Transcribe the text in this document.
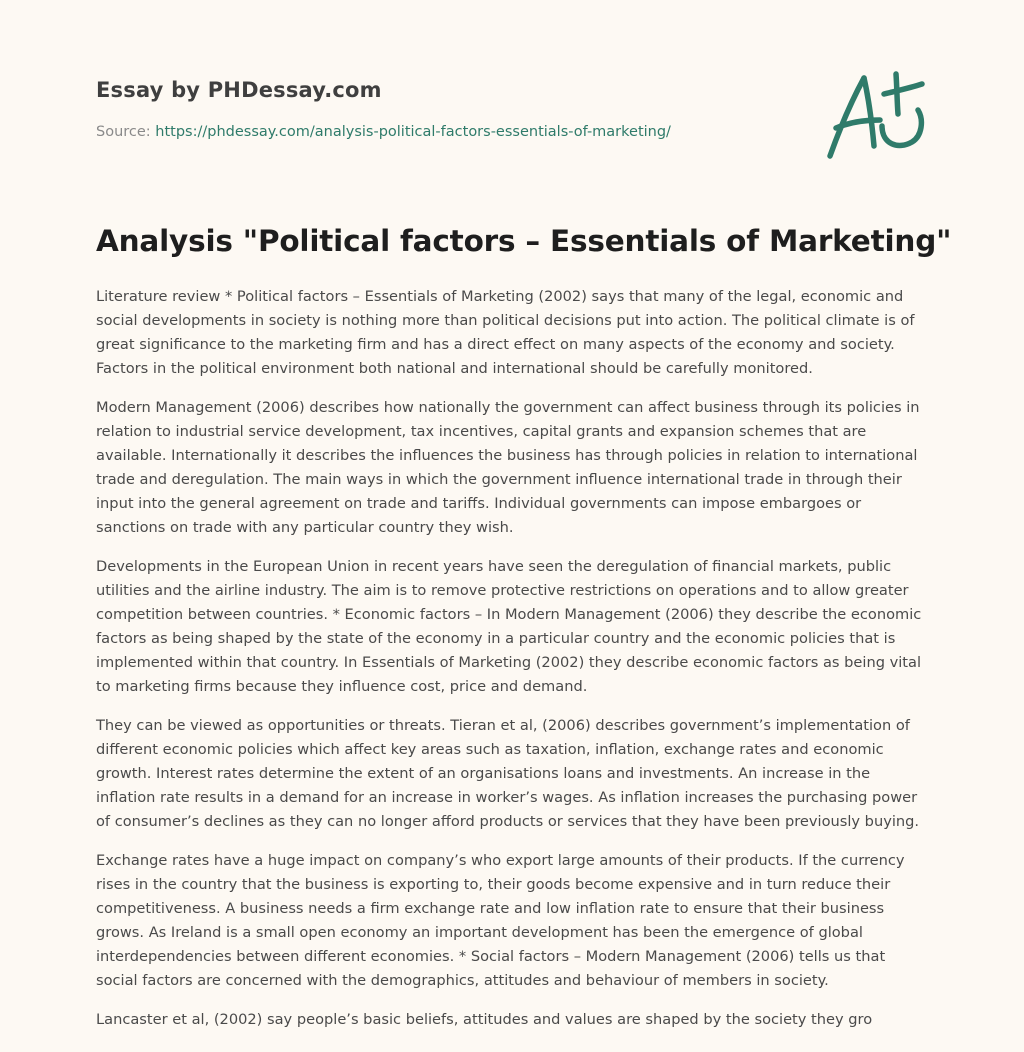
Essay by PHDessay.com
Source: https://phdessay.com/analysis-political-factors-essentials-of-marketing/
Analysis "Political factors – Essentials of Marketing"

Literature review * Political factors – Essentials of Marketing (2002) says that many of the legal, economic and social developments in society is nothing more than political decisions put into action. The political climate is of great significance to the marketing firm and has a direct effect on many aspects of the economy and society. Factors in the political environment both national and international should be carefully monitored.

Modern Management (2006) describes how nationally the government can affect business through its policies in relation to industrial service development, tax incentives, capital grants and expansion schemes that are available. Internationally it describes the influences the business has through policies in relation to international trade and deregulation. The main ways in which the government influence international trade in through their input into the general agreement on trade and tariffs. Individual governments can impose embargoes or sanctions on trade with any particular country they wish.

Developments in the European Union in recent years have seen the deregulation of financial markets, public utilities and the airline industry. The aim is to remove protective restrictions on operations and to allow greater competition between countries. * Economic factors – In Modern Management (2006) they describe the economic factors as being shaped by the state of the economy in a particular country and the economic policies that is implemented within that country. In Essentials of Marketing (2002) they describe economic factors as being vital to marketing firms because they influence cost, price and demand.

They can be viewed as opportunities or threats. Tieran et al, (2006) describes government’s implementation of different economic policies which affect key areas such as taxation, inflation, exchange rates and economic growth. Interest rates determine the extent of an organisations loans and investments. An increase in the inflation rate results in a demand for an increase in worker’s wages. As inflation increases the purchasing power of consumer’s declines as they can no longer afford products or services that they have been previously buying.

Exchange rates have a huge impact on company’s who export large amounts of their products. If the currency rises in the country that the business is exporting to, their goods become expensive and in turn reduce their competitiveness. A business needs a firm exchange rate and low inflation rate to ensure that their business grows. As Ireland is a small open economy an important development has been the emergence of global interdependencies between different economies. * Social factors – Modern Management (2006) tells us that social factors are concerned with the demographics, attitudes and behaviour of members in society.

Lancaster et al, (2002) say people’s basic beliefs, attitudes and values are shaped by the society they gro
